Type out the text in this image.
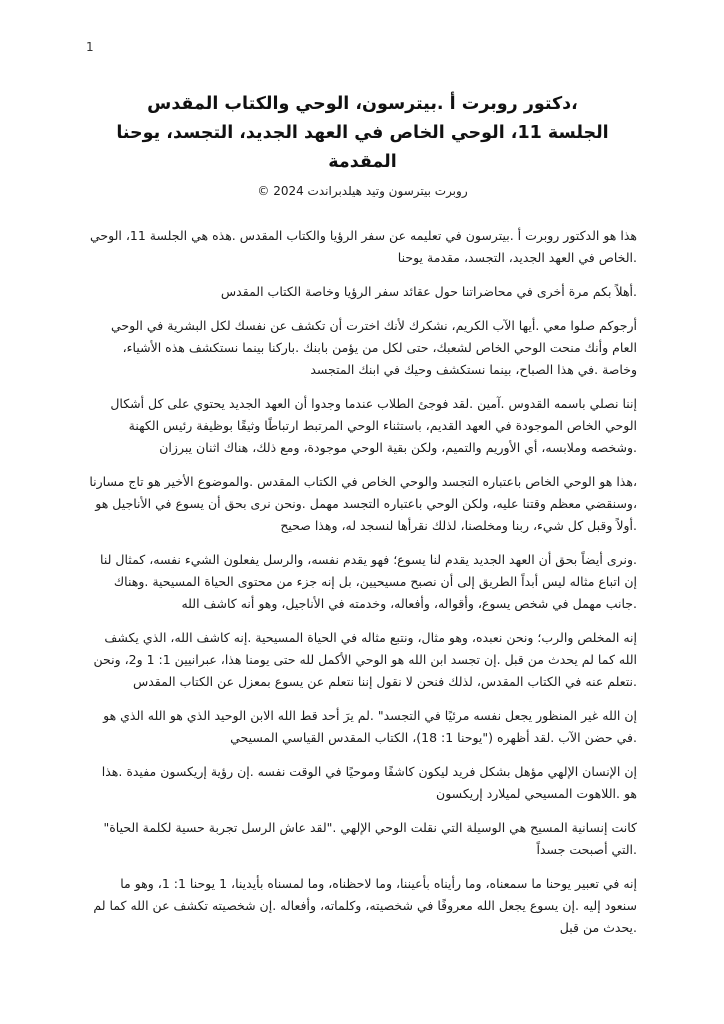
1
،دكتور روبرت أ .بيترسون، الوحي والكتاب المقدس
الجلسة 11، الوحي الخاص في العهد الجديد، التجسد، يوحنا
المقدمة
روبرت بيترسون وتيد هيلدبراندت 2024 ©

هذا هو الدكتور روبرت أ .بيترسون في تعليمه عن سفر الرؤيا والكتاب المقدس .هذه هي الجلسة 11، الوحي .الخاص في العهد الجديد، التجسد، مقدمة يوحنا

.أهلاً بكم مرة أخرى في محاضراتنا حول عقائد سفر الرؤيا وخاصة الكتاب المقدس

أرجوكم صلوا معي .أيها الآب الكريم، نشكرك لأنك اخترت أن تكشف عن نفسك لكل البشرية في الوحي العام وأنك منحت الوحي الخاص لشعبك، حتى لكل من يؤمن بابنك .باركنا بينما نستكشف هذه الأشياء، وخاصة .في هذا الصباح، بينما نستكشف وحيك في ابنك المتجسد

إننا نصلي باسمه القدوس .آمين .لقد فوجئ الطلاب عندما وجدوا أن العهد الجديد يحتوي على كل أشكال الوحي الخاص الموجودة في العهد القديم، باستثناء الوحي المرتبط ارتباطًا وثيقًا بوظيفة رئيس الكهنة .وشخصه وملابسه، أي الأوريم والتميم، ولكن بقية الوحي موجودة، ومع ذلك، هناك اثنان يبرزان

،هذا هو الوحي الخاص باعتباره التجسد والوحي الخاص في الكتاب المقدس .والموضوع الأخير هو تاج مسارنا ،وسنقضي معظم وقتنا عليه، ولكن الوحي باعتباره التجسد مهمل .ونحن نرى بحق أن يسوع في الأناجيل هو .أولاً وقبل كل شيء، ربنا ومخلصنا، لذلك نقرأها لنسجد له، وهذا صحيح

.ونرى أيضاً بحق أن العهد الجديد يقدم لنا يسوع؛ فهو يقدم نفسه، والرسل يفعلون الشيء نفسه، كمثال لنا إن اتباع مثاله ليس أبداً الطريق إلى أن نصبح مسيحيين، بل إنه جزء من محتوى الحياة المسيحية .وهناك .جانب مهمل في شخص يسوع، وأقواله، وأفعاله، وخدمته في الأناجيل، وهو أنه كاشف الله

إنه المخلص والرب؛ ونحن نعبده، وهو مثال، ونتبع مثاله في الحياة المسيحية .إنه كاشف الله، الذي يكشف الله كما لم يحدث من قبل .إن تجسد ابن الله هو الوحي الأكمل لله حتى يومنا هذا، عبرانيين 1: 1 و2، ونحن .نتعلم عنه في الكتاب المقدس، لذلك فنحن لا نقول إننا نتعلم عن يسوع بمعزل عن الكتاب المقدس

إن الله غير المنظور يجعل نفسه مرئيًا في التجسد" .لم يرَ أحد قط الله الابن الوحيد الذي هو الله الذي هو .في حضن الآب .لقد أظهره ("يوحنا 1: 18)، الكتاب المقدس القياسي المسيحي

إن الإنسان الإلهي مؤهل بشكل فريد ليكون كاشفًا وموحيًا في الوقت نفسه .إن رؤية إريكسون مفيدة .هذا هو .اللاهوت المسيحي لميلارد إريكسون

كانت إنسانية المسيح هي الوسيلة التي نقلت الوحي الإلهي ."لقد عاش الرسل تجربة حسية لكلمة الحياة" .التي أصبحت جسداً

إنه في تعبير يوحنا ما سمعناه، وما رأيناه بأعيننا، وما لاحظناه، وما لمسناه بأيدينا، 1 يوحنا 1: 1، وهو ما سنعود إليه .إن يسوع يجعل الله معروفًا في شخصيته، وكلماته، وأفعاله .إن شخصيته تكشف عن الله كما لم .يحدث من قبل
